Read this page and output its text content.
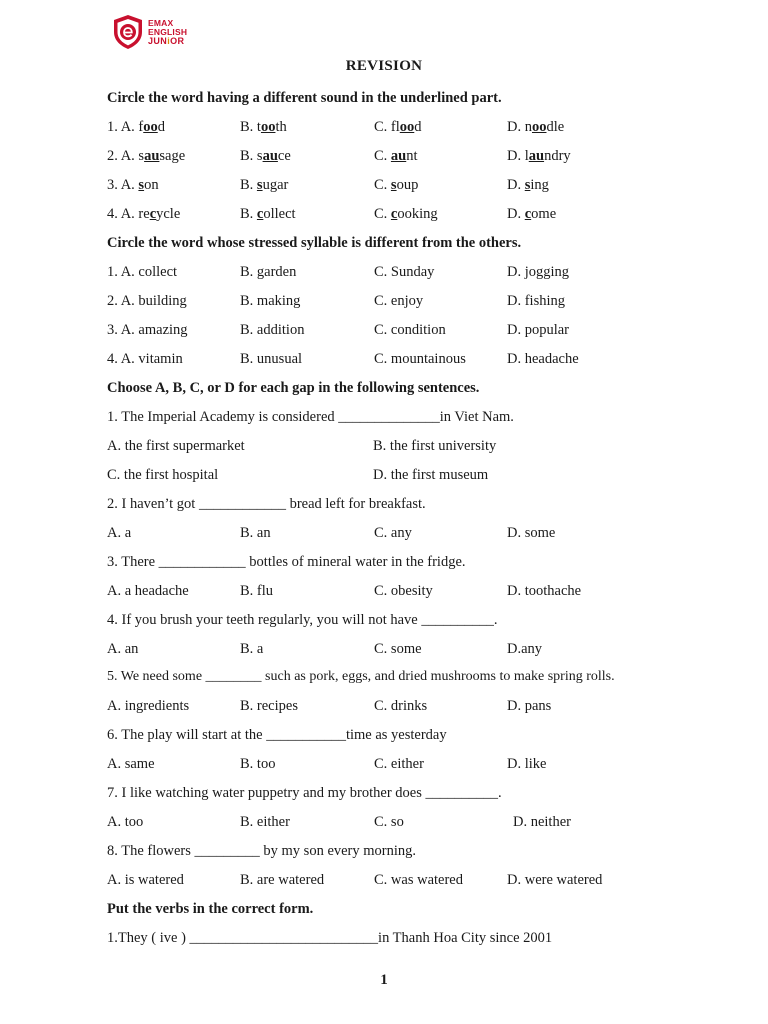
EMAX
ENGLISH
JUNiOR
REVISION
Circle the word having a different sound in the underlined part.
1. A. food	B. tooth	C. flood	D. noodle
2. A. sausage	B. sauce	C. aunt	D. laundry
3. A. son	B. sugar	C. soup	D. sing
4. A. recycle	B. collect	C. cooking	D. come
Circle the word whose stressed syllable is different from the others.
1. A. collect	B. garden	C. Sunday	D. jogging
2. A. building	B. making	C. enjoy	D. fishing
3. A. amazing	B. addition	C. condition	D. popular
4. A. vitamin	B. unusual	C. mountainous	D. headache
Choose A, B, C, or D for each gap in the following sentences.
1. The Imperial Academy is considered ______________in Viet Nam.
A. the first supermarket	B. the first university
C. the first hospital	D. the first museum
2. I haven’t got ____________ bread left for breakfast.
A. a	B. an	C. any	D. some
3. There ____________ bottles of mineral water in the fridge.
A. a headache	B. flu	C. obesity	D. toothache
4. If you brush your teeth regularly, you will not have __________.
A. an	B. a	C. some	D.any
5. We need some ________ such as pork, eggs, and dried mushrooms to make spring rolls.
A. ingredients	B. recipes	C. drinks	D. pans
6. The play will start at the ___________time as yesterday
A. same	B. too	C. either	D. like
7. I like watching water puppetry and my brother does __________.
A. too	B. either	C. so	D. neither
8. The flowers _________ by my son every morning.
A. is watered	B. are watered	C. was watered	D. were watered
Put the verbs in the correct form.
1.They ( ive ) __________________________in Thanh Hoa City since 2001
1
